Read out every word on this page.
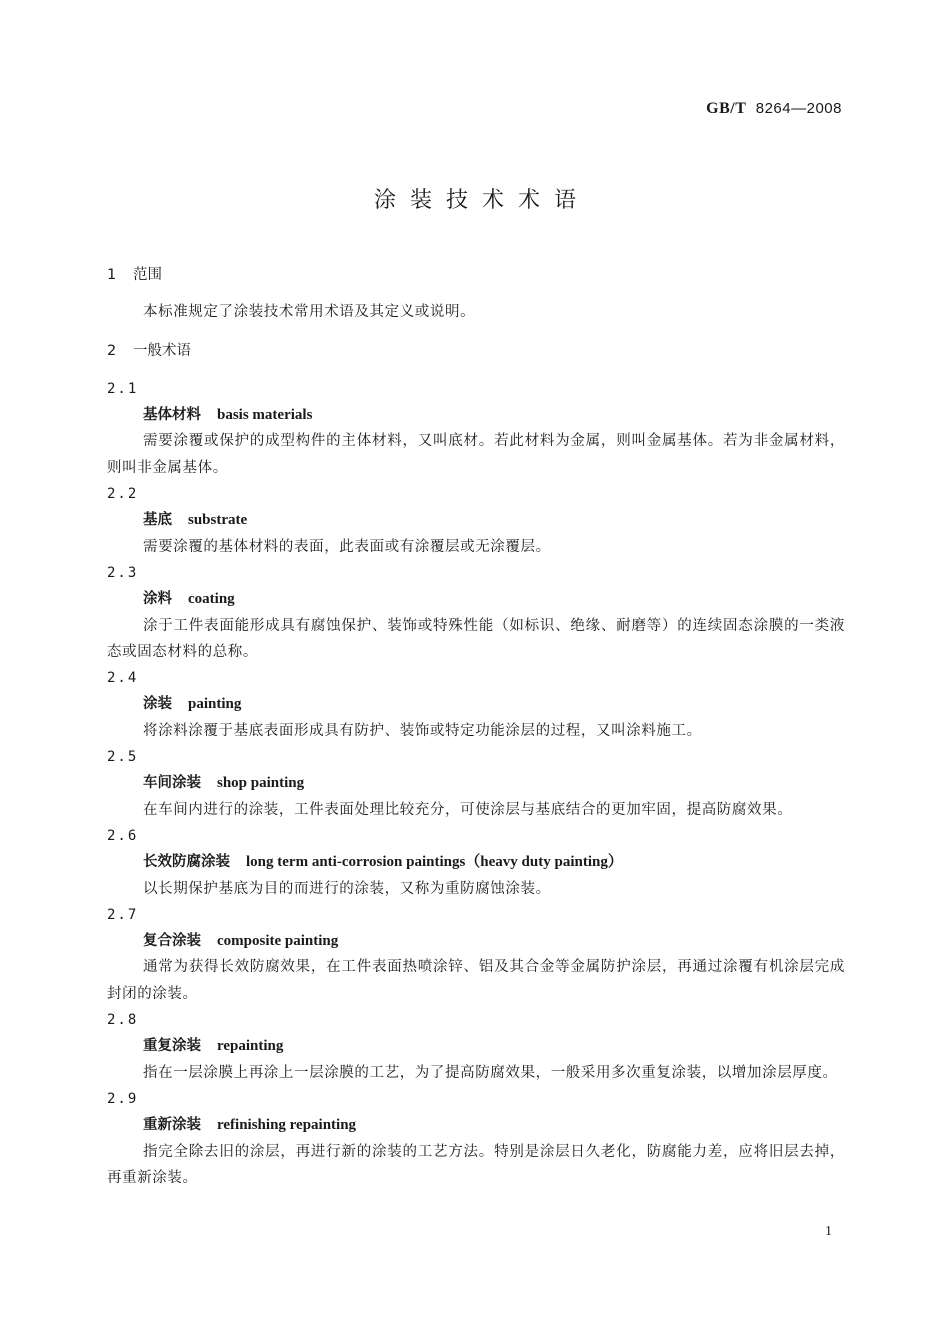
GB/T 8264—2008
涂装技术术语
1 范围
本标准规定了涂装技术常用术语及其定义或说明。
2 一般术语
2.1
基体材料 basis materials
需要涂覆或保护的成型构件的主体材料，又叫底材。若此材料为金属，则叫金属基体。若为非金属材料，则叫非金属基体。
2.2
基底 substrate
需要涂覆的基体材料的表面，此表面或有涂覆层或无涂覆层。
2.3
涂料 coating
涂于工件表面能形成具有腐蚀保护、装饰或特殊性能（如标识、绝缘、耐磨等）的连续固态涂膜的一类液态或固态材料的总称。
2.4
涂装 painting
将涂料涂覆于基底表面形成具有防护、装饰或特定功能涂层的过程，又叫涂料施工。
2.5
车间涂装 shop painting
在车间内进行的涂装，工件表面处理比较充分，可使涂层与基底结合的更加牢固，提高防腐效果。
2.6
长效防腐涂装 long term anti-corrosion paintings（heavy duty painting）
以长期保护基底为目的而进行的涂装，又称为重防腐蚀涂装。
2.7
复合涂装 composite painting
通常为获得长效防腐效果，在工件表面热喷涂锌、铝及其合金等金属防护涂层，再通过涂覆有机涂层完成封闭的涂装。
2.8
重复涂装 repainting
指在一层涂膜上再涂上一层涂膜的工艺，为了提高防腐效果，一般采用多次重复涂装，以增加涂层厚度。
2.9
重新涂装 refinishing repainting
指完全除去旧的涂层，再进行新的涂装的工艺方法。特别是涂层日久老化，防腐能力差，应将旧层去掉，再重新涂装。
1
